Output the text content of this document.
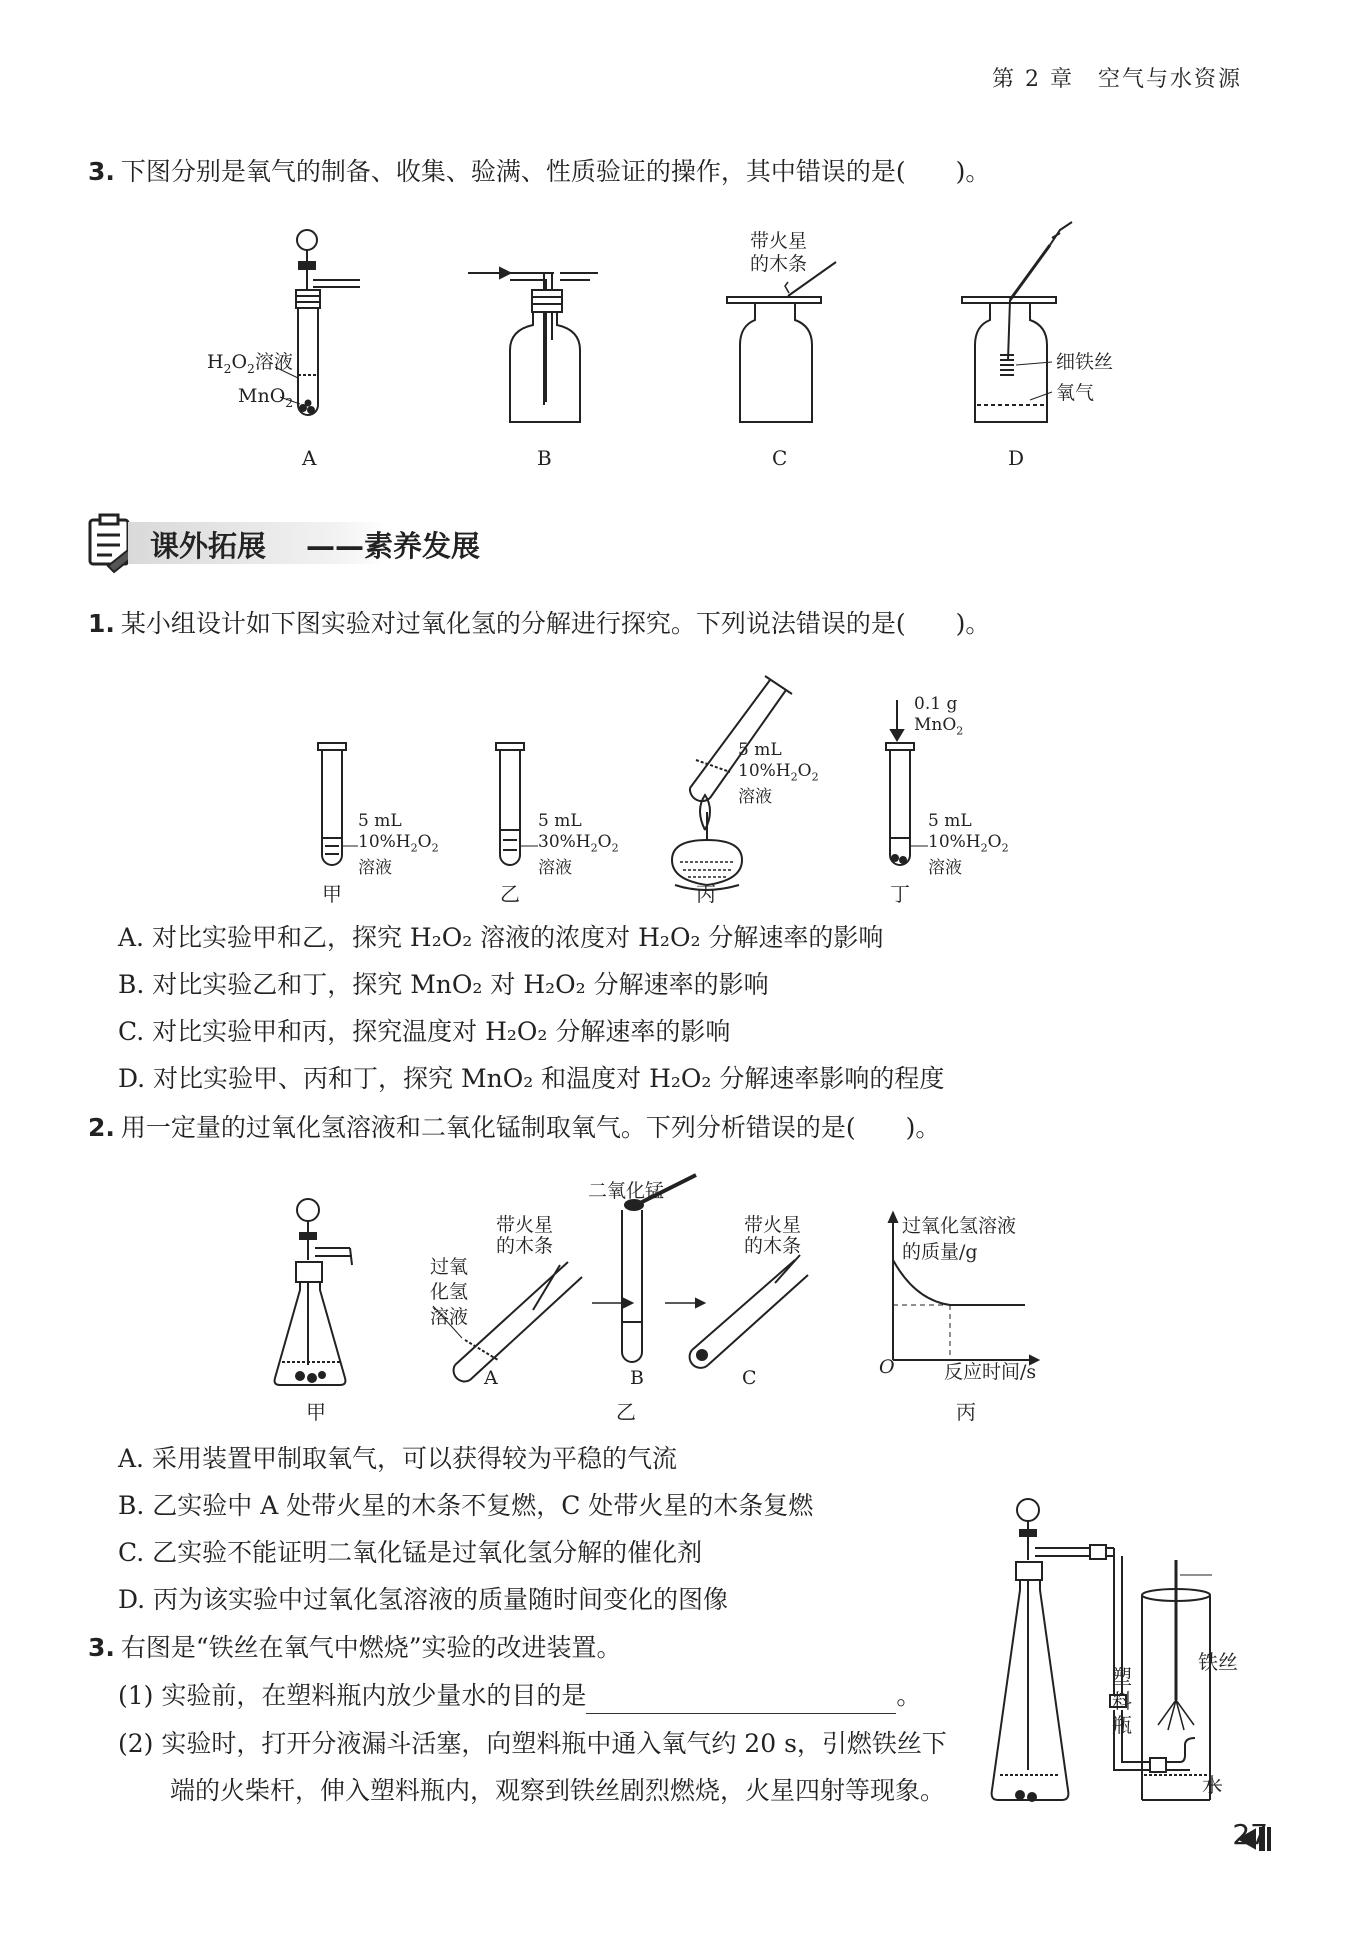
第 2 章　空气与水资源
3. 下图分别是氧气的制备、收集、验满、性质验证的操作，其中错误的是(　　)。
$H_2O_2$溶液
MnO$_2$
带火星
的木条
细铁丝
氧气
A	B	C	D
课外拓展 ——素养发展
1. 某小组设计如下图实验对过氧化氢的分解进行探究。下列说法错误的是(　　)。
5 mL
$10\%H_2O_2$
溶液
5 mL
$30\%H_2O_2$
溶液
5 mL
$10\%H_2O_2$
溶液
0.1 g
MnO$_2$
5 mL
$10\%H_2O_2$
溶液
甲	乙	丙	丁
A. 对比实验甲和乙，探究 H₂O₂ 溶液的浓度对 H₂O₂ 分解速率的影响
B. 对比实验乙和丁，探究 MnO₂ 对 H₂O₂ 分解速率的影响
C. 对比实验甲和丙，探究温度对 H₂O₂ 分解速率的影响
D. 对比实验甲、丙和丁，探究 MnO₂ 和温度对 H₂O₂ 分解速率影响的程度
2. 用一定量的过氧化氢溶液和二氧化锰制取氧气。下列分析错误的是(　　)。
二氧化锰
带火星
的木条
带火星
的木条
过氧
化氢
溶液
A	B	C
甲	乙	丙
过氧化氢溶液
的质量/g
O	反应时间/s
A. 采用装置甲制取氧气，可以获得较为平稳的气流
B. 乙实验中 A 处带火星的木条不复燃，C 处带火星的木条复燃
C. 乙实验不能证明二氧化锰是过氧化氢分解的催化剂
D. 丙为该实验中过氧化氢溶液的质量随时间变化的图像
3. 右图是“铁丝在氧气中燃烧”实验的改进装置。
(1) 实验前，在塑料瓶内放少量水的目的是	。
(2) 实验时，打开分液漏斗活塞，向塑料瓶中通入氧气约 20 s，引燃铁丝下
端的火柴杆，伸入塑料瓶内，观察到铁丝剧烈燃烧，火星四射等现象。
铁丝
塑
料
瓶
水
27
